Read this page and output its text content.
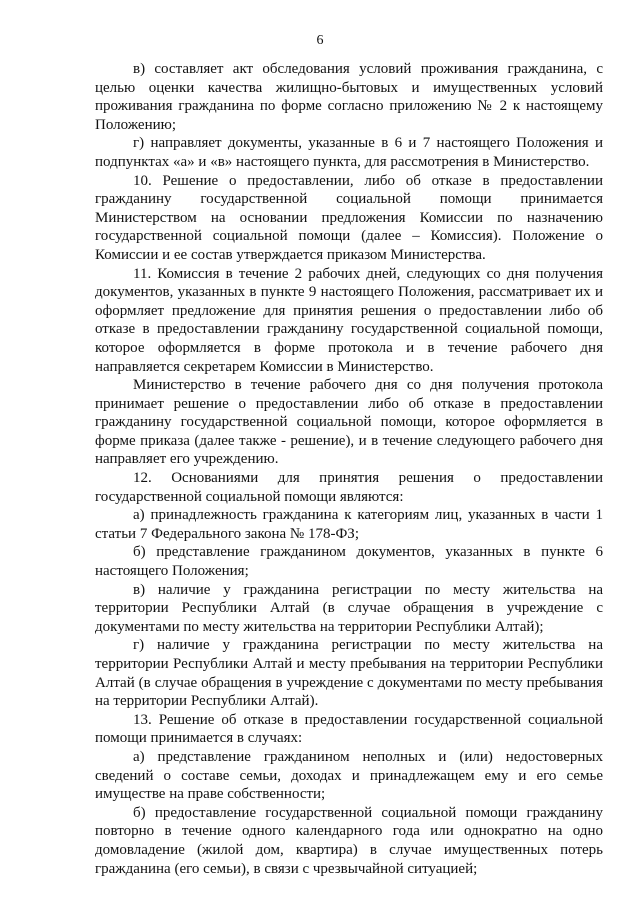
6

в) составляет акт обследования условий проживания гражданина, с целью оценки качества жилищно-бытовых и имущественных условий проживания гражданина по форме согласно приложению № 2 к настоящему Положению;

г) направляет документы, указанные в 6 и 7 настоящего Положения и подпунктах «а» и «в» настоящего пункта, для рассмотрения в Министерство.

10. Решение о предоставлении, либо об отказе в предоставлении гражданину государственной социальной помощи принимается Министерством на основании предложения Комиссии по назначению государственной социальной помощи (далее – Комиссия). Положение о Комиссии и ее состав утверждается приказом Министерства.

11. Комиссия в течение 2 рабочих дней, следующих со дня получения документов, указанных в пункте 9 настоящего Положения, рассматривает их и оформляет предложение для принятия решения о предоставлении либо об отказе в предоставлении гражданину государственной социальной помощи, которое оформляется в форме протокола и в течение рабочего дня направляется секретарем Комиссии в Министерство.

Министерство в течение рабочего дня со дня получения протокола принимает решение о предоставлении либо об отказе в предоставлении гражданину государственной социальной помощи, которое оформляется в форме приказа (далее также - решение), и в течение следующего рабочего дня направляет его учреждению.

12. Основаниями для принятия решения о предоставлении государственной социальной помощи являются:

а) принадлежность гражданина к категориям лиц, указанных в части 1 статьи 7 Федерального закона № 178-ФЗ;

б) представление гражданином документов, указанных в пункте 6 настоящего Положения;

в) наличие у гражданина регистрации по месту жительства на территории Республики Алтай (в случае обращения в учреждение с документами по месту жительства на территории Республики Алтай);

г) наличие у гражданина регистрации по месту жительства на территории Республики Алтай и месту пребывания на территории Республики Алтай (в случае обращения в учреждение с документами по месту пребывания на территории Республики Алтай).

13. Решение об отказе в предоставлении государственной социальной помощи принимается в случаях:

а) представление гражданином неполных и (или) недостоверных сведений о составе семьи, доходах и принадлежащем ему и его семье имуществе на праве собственности;

б) предоставление государственной социальной помощи гражданину повторно в течение одного календарного года или однократно на одно домовладение (жилой дом, квартира) в случае имущественных потерь гражданина (его семьи), в связи с чрезвычайной ситуацией;
